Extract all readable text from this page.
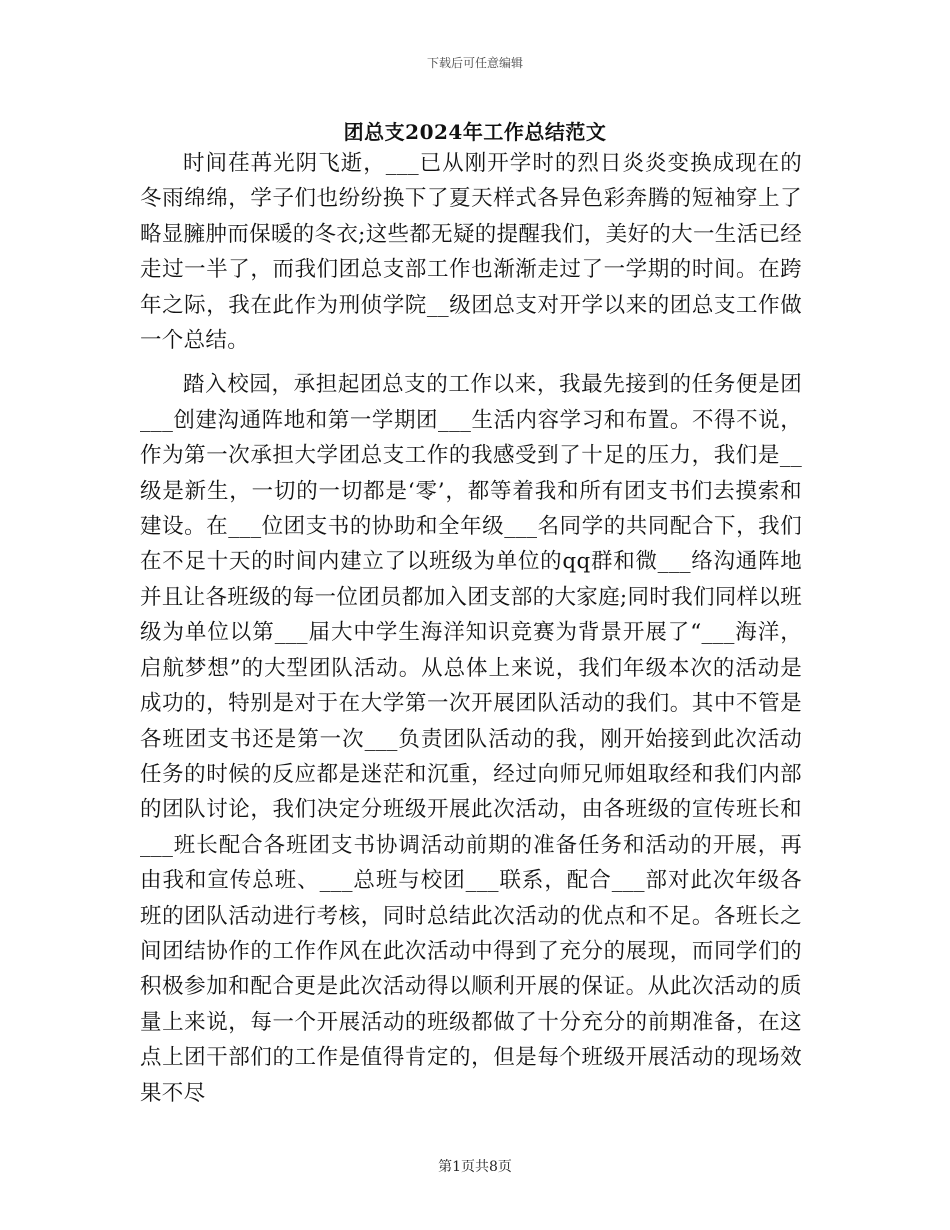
下载后可任意编辑
团总支2024年工作总结范文

时间荏苒光阴飞逝，___已从刚开学时的烈日炎炎变换成现在的冬雨绵绵，学子们也纷纷换下了夏天样式各异色彩奔腾的短袖穿上了略显臃肿而保暖的冬衣;这些都无疑的提醒我们，美好的大一生活已经走过一半了，而我们团总支部工作也渐渐走过了一学期的时间。在跨年之际，我在此作为刑侦学院__级团总支对开学以来的团总支工作做一个总结。

踏入校园，承担起团总支的工作以来，我最先接到的任务便是团___创建沟通阵地和第一学期团___生活内容学习和布置。不得不说，作为第一次承担大学团总支工作的我感受到了十足的压力，我们是__级是新生，一切的一切都是‘零’，都等着我和所有团支书们去摸索和建设。在___位团支书的协助和全年级___名同学的共同配合下，我们在不足十天的时间内建立了以班级为单位的qq群和微___络沟通阵地并且让各班级的每一位团员都加入团支部的大家庭;同时我们同样以班级为单位以第___届大中学生海洋知识竞赛为背景开展了“___海洋，启航梦想”的大型团队活动。从总体上来说，我们年级本次的活动是成功的，特别是对于在大学第一次开展团队活动的我们。其中不管是各班团支书还是第一次___负责团队活动的我，刚开始接到此次活动任务的时候的反应都是迷茫和沉重，经过向师兄师姐取经和我们内部的团队讨论，我们决定分班级开展此次活动，由各班级的宣传班长和___班长配合各班团支书协调活动前期的准备任务和活动的开展，再由我和宣传总班、___总班与校团___联系，配合___部对此次年级各班的团队活动进行考核，同时总结此次活动的优点和不足。各班长之间团结协作的工作作风在此次活动中得到了充分的展现，而同学们的积极参加和配合更是此次活动得以顺利开展的保证。从此次活动的质量上来说，每一个开展活动的班级都做了十分充分的前期准备，在这点上团干部们的工作是值得肯定的，但是每个班级开展活动的现场效果不尽

第1页共8页
